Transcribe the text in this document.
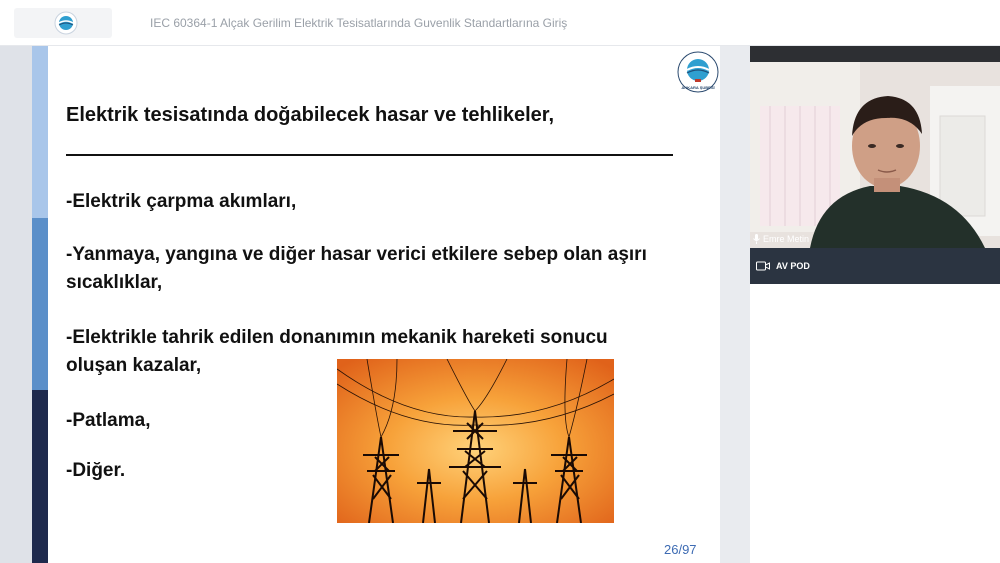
IEC 60364-1 Alçak Gerilim Elektrik Tesisatlarında Guvenlik Standartlarına Giriş
ANKARA ŞUBESİ
Elektrik tesisatında doğabilecek hasar ve tehlikeler,
-Elektrik çarpma akımları,
-Yanmaya, yangına ve diğer hasar verici etkilere sebep olan aşırı sıcaklıklar,
-Elektrikle tahrik edilen donanımın mekanik hareketi sonucu oluşan kazalar,
-Patlama,
-Diğer.
26/97
Emre Metin
AV POD
